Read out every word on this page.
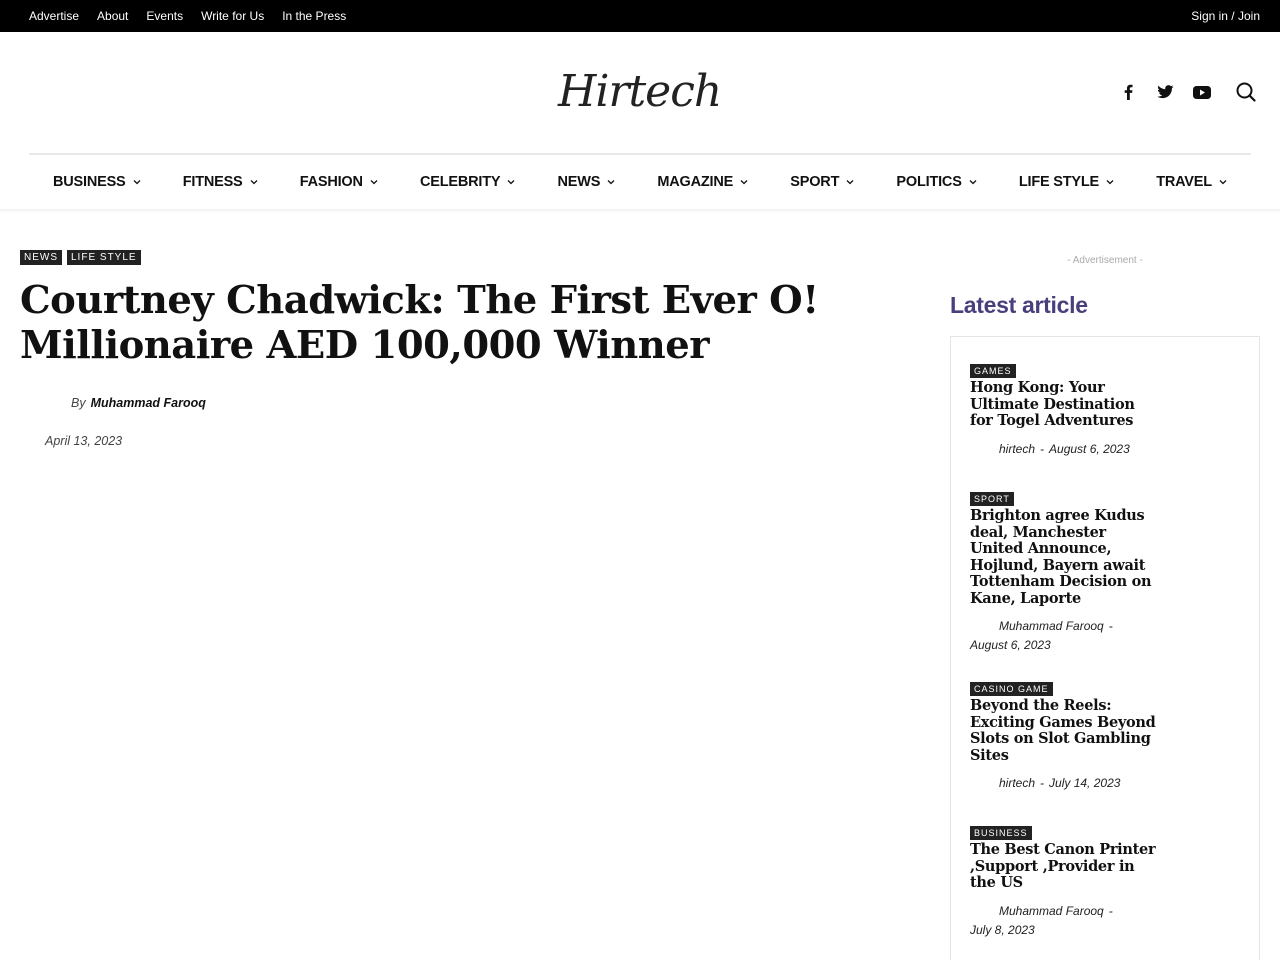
Advertise About Events Write for Us In the Press	Sign in / Join
Hirtech
BUSINESS	FITNESS	FASHION	CELEBRITY	NEWS	MAGAZINE	SPORT	POLITICS	LIFE STYLE	TRAVEL
NEWS	LIFE STYLE
Courtney Chadwick: The First Ever O! Millionaire AED 100,000 Winner
By Muhammad Farooq
April 13, 2023
- Advertisement -
Latest article
GAMES
Hong Kong: Your Ultimate Destination for Togel Adventures
hirtech - August 6, 2023
SPORT
Brighton agree Kudus deal, Manchester United Announce, Hojlund, Bayern await Tottenham Decision on Kane, Laporte
Muhammad Farooq -
August 6, 2023
CASINO GAME
Beyond the Reels: Exciting Games Beyond Slots on Slot Gambling Sites
hirtech - July 14, 2023
BUSINESS
The Best Canon Printer ,Support ,Provider in the US
Muhammad Farooq -
July 8, 2023
